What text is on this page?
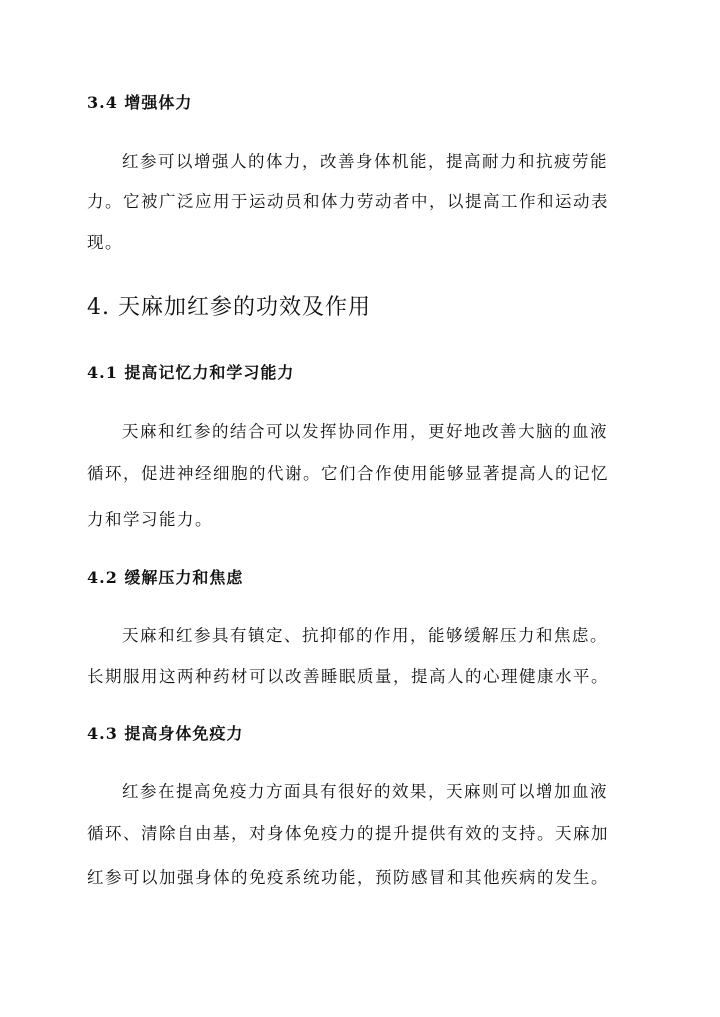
3.4 增强体力
红参可以增强人的体力，改善身体机能，提高耐力和抗疲劳能
力。它被广泛应用于运动员和体力劳动者中，以提高工作和运动表
现。
4. 天麻加红参的功效及作用
4.1 提高记忆力和学习能力
天麻和红参的结合可以发挥协同作用，更好地改善大脑的血液
循环，促进神经细胞的代谢。它们合作使用能够显著提高人的记忆
力和学习能力。
4.2 缓解压力和焦虑
天麻和红参具有镇定、抗抑郁的作用，能够缓解压力和焦虑。
长期服用这两种药材可以改善睡眠质量，提高人的心理健康水平。
4.3 提高身体免疫力
红参在提高免疫力方面具有很好的效果，天麻则可以增加血液
循环、清除自由基，对身体免疫力的提升提供有效的支持。天麻加
红参可以加强身体的免疫系统功能，预防感冒和其他疾病的发生。
